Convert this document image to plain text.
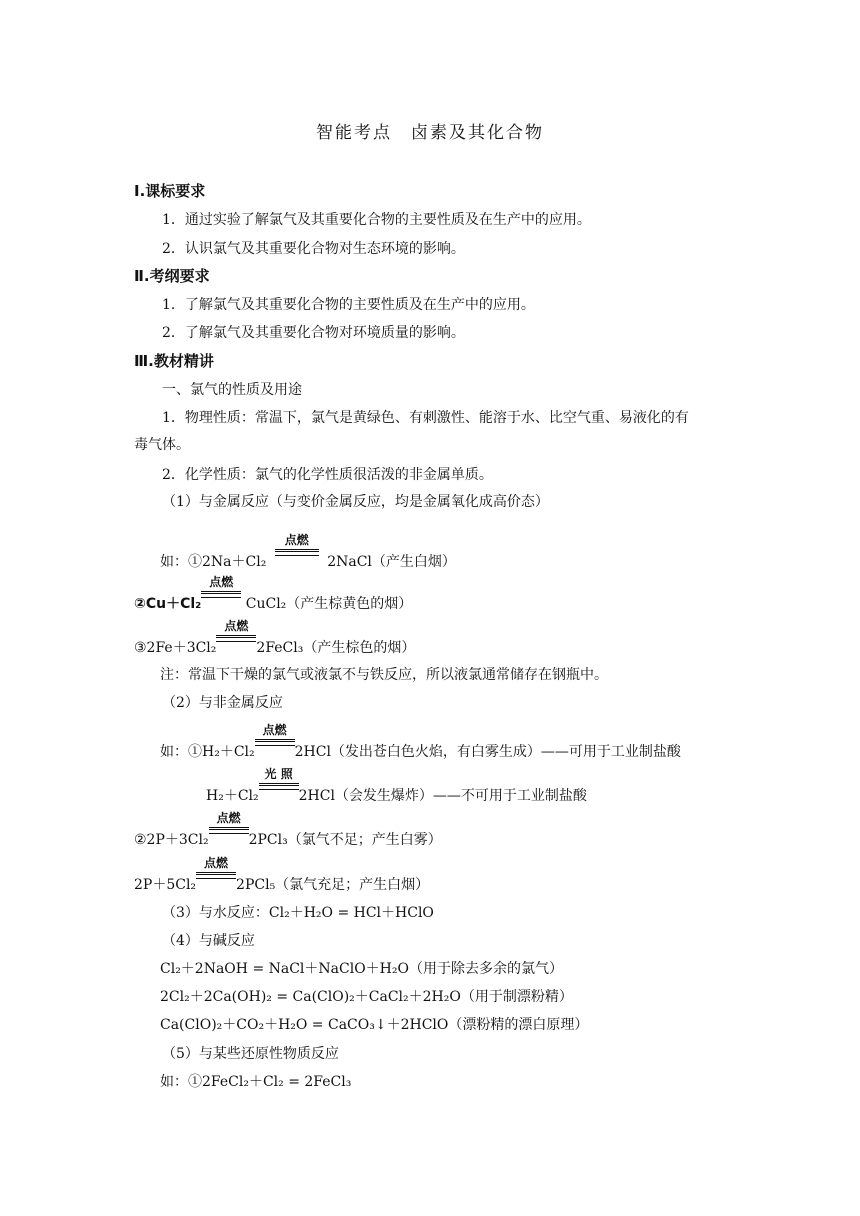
智能考点　卤素及其化合物
Ⅰ.课标要求
1．通过实验了解氯气及其重要化合物的主要性质及在生产中的应用。
2．认识氯气及其重要化合物对生态环境的影响。
Ⅱ.考纲要求
1．了解氯气及其重要化合物的主要性质及在生产中的应用。
2．了解氯气及其重要化合物对环境质量的影响。
Ⅲ.教材精讲
一、氯气的性质及用途
1．物理性质：常温下，氯气是黄绿色、有刺激性、能溶于水、比空气重、易液化的有
毒气体。
2．化学性质：氯气的化学性质很活泼的非金属单质。
（1）与金属反应（与变价金属反应，均是金属氧化成高价态）
如：①2Na＋Cl₂
点燃
2NaCl（产生白烟）
②Cu＋Cl₂
点燃
CuCl₂（产生棕黄色的烟）
③2Fe＋3Cl₂
点燃
2FeCl₃（产生棕色的烟）
注：常温下干燥的氯气或液氯不与铁反应，所以液氯通常储存在钢瓶中。
（2）与非金属反应
如：①H₂＋Cl₂
点燃
2HCl（发出苍白色火焰，有白雾生成）——可用于工业制盐酸
H₂＋Cl₂
光 照
2HCl（会发生爆炸）——不可用于工业制盐酸
②2P＋3Cl₂
点燃
2PCl₃（氯气不足；产生白雾）
2P＋5Cl₂
点燃
2PCl₅（氯气充足；产生白烟）
（3）与水反应：Cl₂＋H₂O = HCl＋HClO
（4）与碱反应
Cl₂＋2NaOH = NaCl＋NaClO＋H₂O（用于除去多余的氯气）
2Cl₂＋2Ca(OH)₂ = Ca(ClO)₂＋CaCl₂＋2H₂O（用于制漂粉精）
Ca(ClO)₂＋CO₂＋H₂O = CaCO₃↓＋2HClO（漂粉精的漂白原理）
（5）与某些还原性物质反应
如：①2FeCl₂＋Cl₂ = 2FeCl₃
